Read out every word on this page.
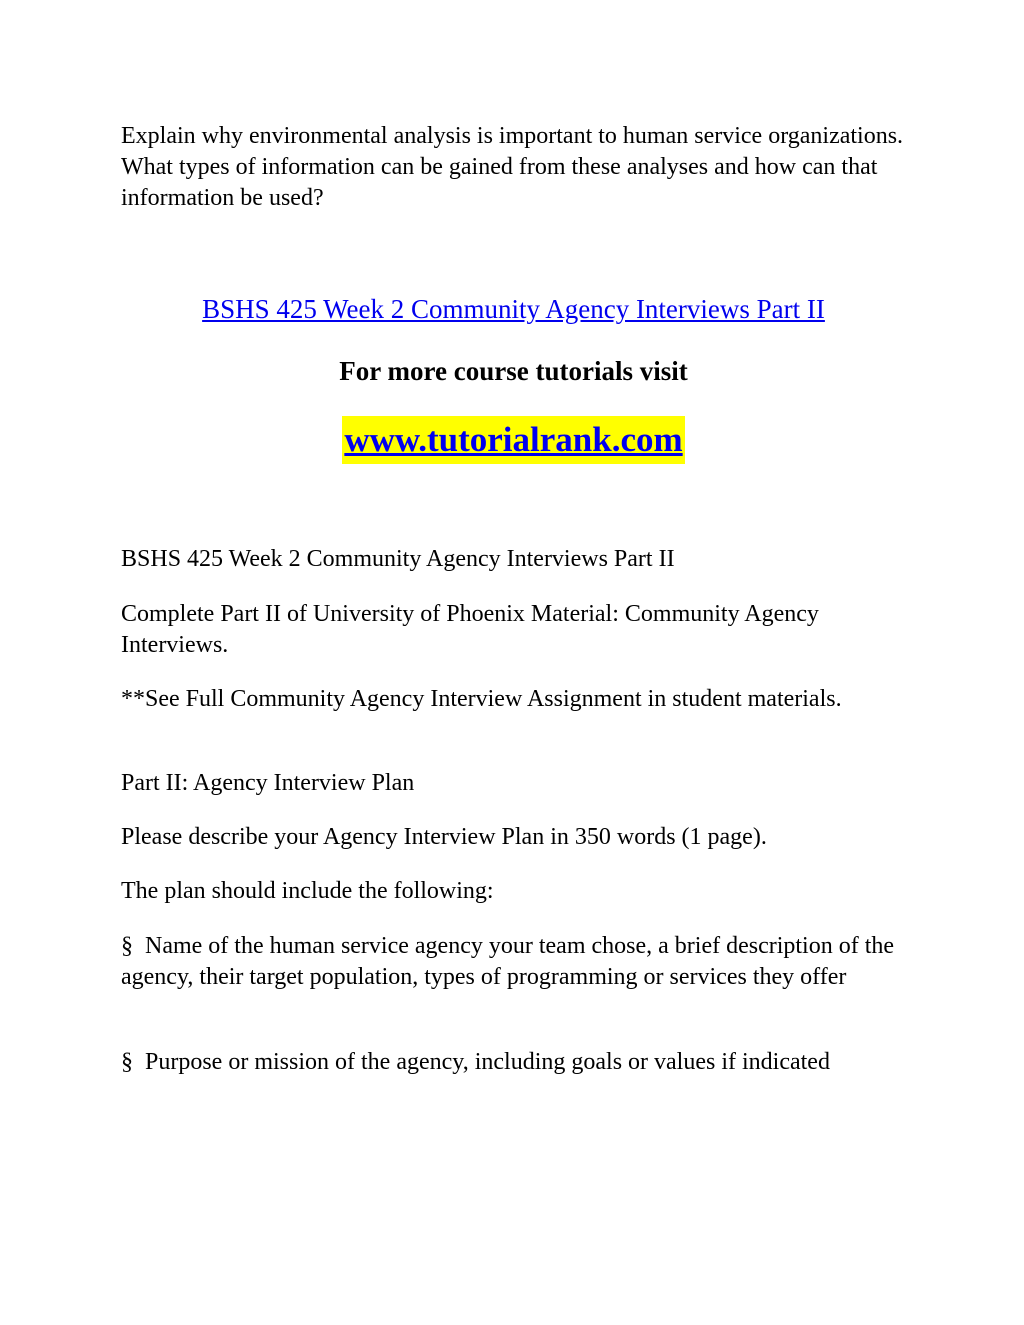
Explain why environmental analysis is important to human service organizations. What types of information can be gained from these analyses and how can that information be used?

BSHS 425 Week 2 Community Agency Interviews Part II
For more course tutorials visit
www.tutorialrank.com

BSHS 425 Week 2 Community Agency Interviews Part II

Complete Part II of University of Phoenix Material: Community Agency Interviews.

**See Full Community Agency Interview Assignment in student materials.

Part II: Agency Interview Plan

Please describe your Agency Interview Plan in 350 words (1 page).

The plan should include the following:

§ Name of the human service agency your team chose, a brief description of the agency, their target population, types of programming or services they offer

§ Purpose or mission of the agency, including goals or values if indicated
